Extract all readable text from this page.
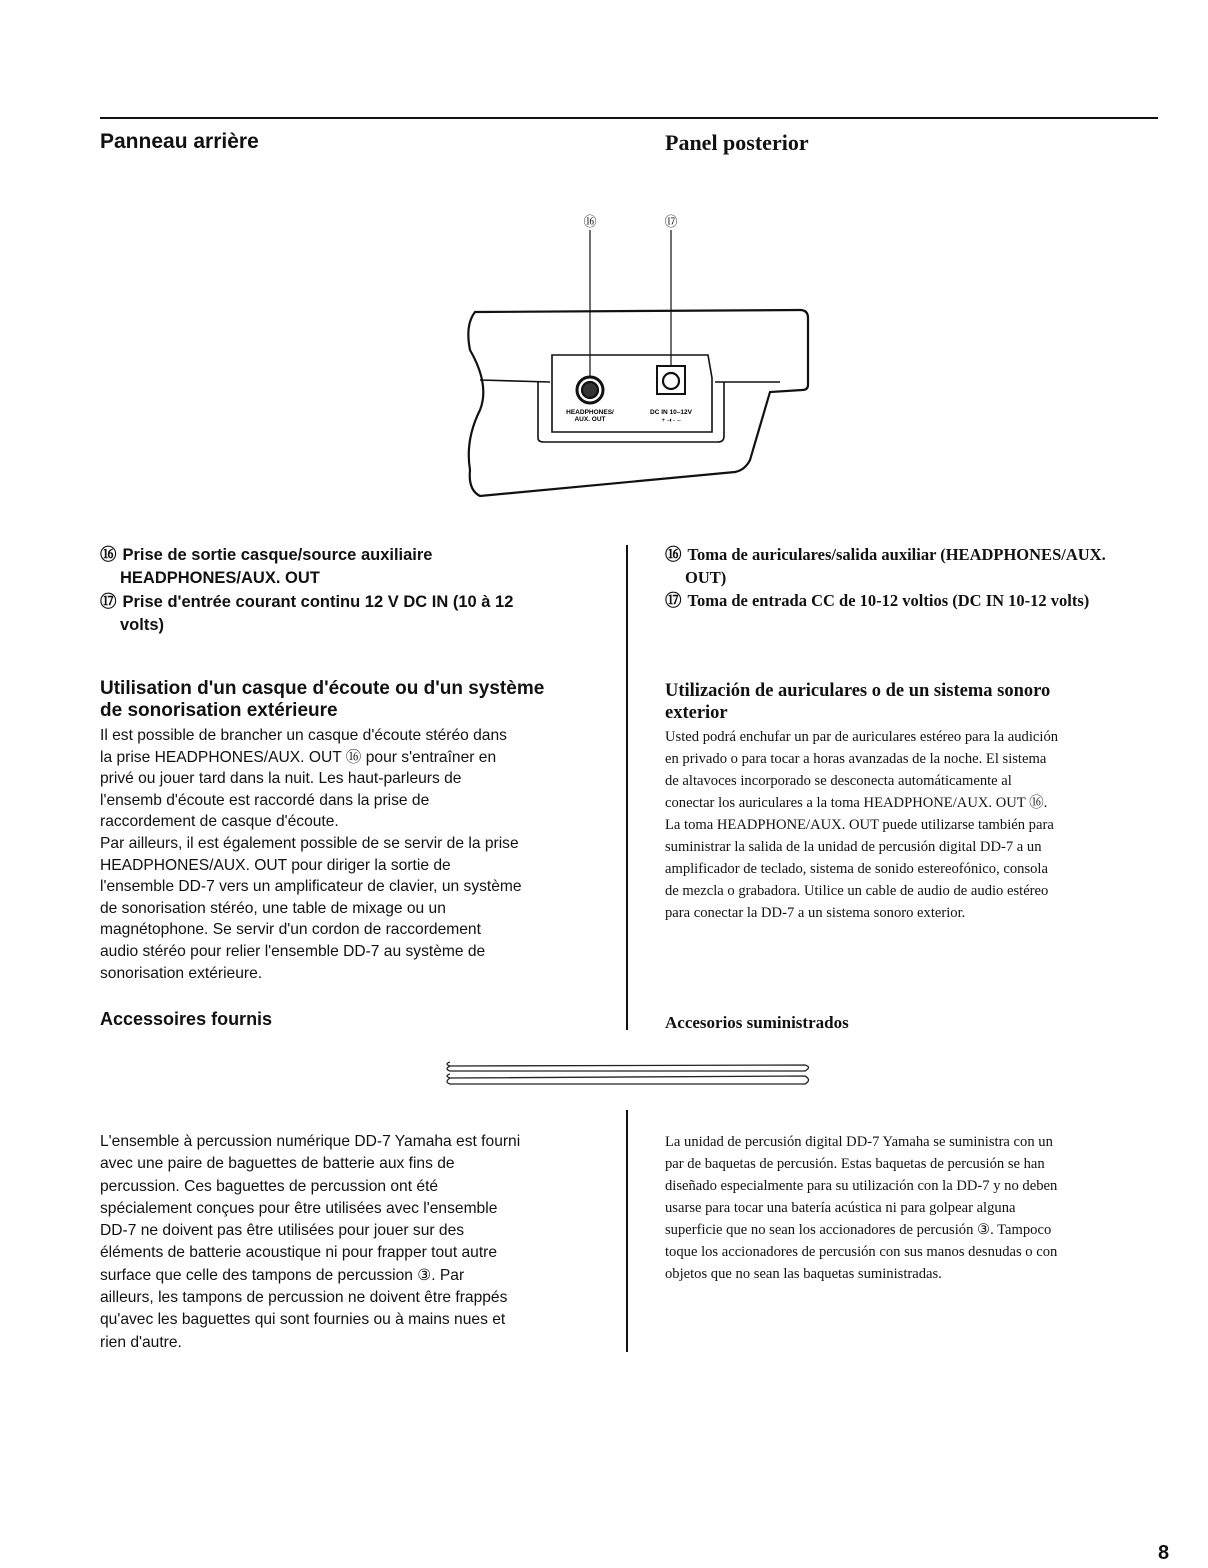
Panneau arrière	Panel posterior
⑯	⑰
HEADPHONES/
AUX. OUT
DC IN 10–12V
+ ‑◐‑ –
⑯ Prise de sortie casque/source auxiliaire
HEADPHONES/AUX. OUT
⑰ Prise d'entrée courant continu 12 V DC IN (10 à 12
volts)
⑯ Toma de auriculares/salida auxiliar (HEADPHONES/AUX.
OUT)
⑰ Toma de entrada CC de 10-12 voltios (DC IN 10-12 volts)
Utilisation d'un casque d'écoute ou d'un système
de sonorisation extérieure
Il est possible de brancher un casque d'écoute stéréo dans
la prise HEADPHONES/AUX. OUT ⑯ pour s'entraîner en
privé ou jouer tard dans la nuit. Les haut-parleurs de
l'ensemb d'écoute est raccordé dans la prise de
raccordement de casque d'écoute.
Par ailleurs, il est également possible de se servir de la prise
HEADPHONES/AUX. OUT pour diriger la sortie de
l'ensemble DD-7 vers un amplificateur de clavier, un système
de sonorisation stéréo, une table de mixage ou un
magnétophone. Se servir d'un cordon de raccordement
audio stéréo pour relier l'ensemble DD-7 au système de
sonorisation extérieure.
Utilización de auriculares o de un sistema sonoro
exterior
Usted podrá enchufar un par de auriculares estéreo para la audición
en privado o para tocar a horas avanzadas de la noche. El sistema
de altavoces incorporado se desconecta automáticamente al
conectar los auriculares a la toma HEADPHONE/AUX. OUT ⑯.
La toma HEADPHONE/AUX. OUT puede utilizarse también para
suministrar la salida de la unidad de percusión digital DD-7 a un
amplificador de teclado, sistema de sonido estereofónico, consola
de mezcla o grabadora. Utilice un cable de audio de audio estéreo
para conectar la DD-7 a un sistema sonoro exterior.
Accessoires fournis	Accesorios suministrados
L'ensemble à percussion numérique DD-7 Yamaha est fourni
avec une paire de baguettes de batterie aux fins de
percussion. Ces baguettes de percussion ont été
spécialement conçues pour être utilisées avec l'ensemble
DD-7 ne doivent pas être utilisées pour jouer sur des
éléments de batterie acoustique ni pour frapper tout autre
surface que celle des tampons de percussion ③. Par
ailleurs, les tampons de percussion ne doivent être frappés
qu'avec les baguettes qui sont fournies ou à mains nues et
rien d'autre.
La unidad de percusión digital DD-7 Yamaha se suministra con un
par de baquetas de percusión. Estas baquetas de percusión se han
diseñado especialmente para su utilización con la DD-7 y no deben
usarse para tocar una batería acústica ni para golpear alguna
superficie que no sean los accionadores de percusión ③. Tampoco
toque los accionadores de percusión con sus manos desnudas o con
objetos que no sean las baquetas suministradas.
8
